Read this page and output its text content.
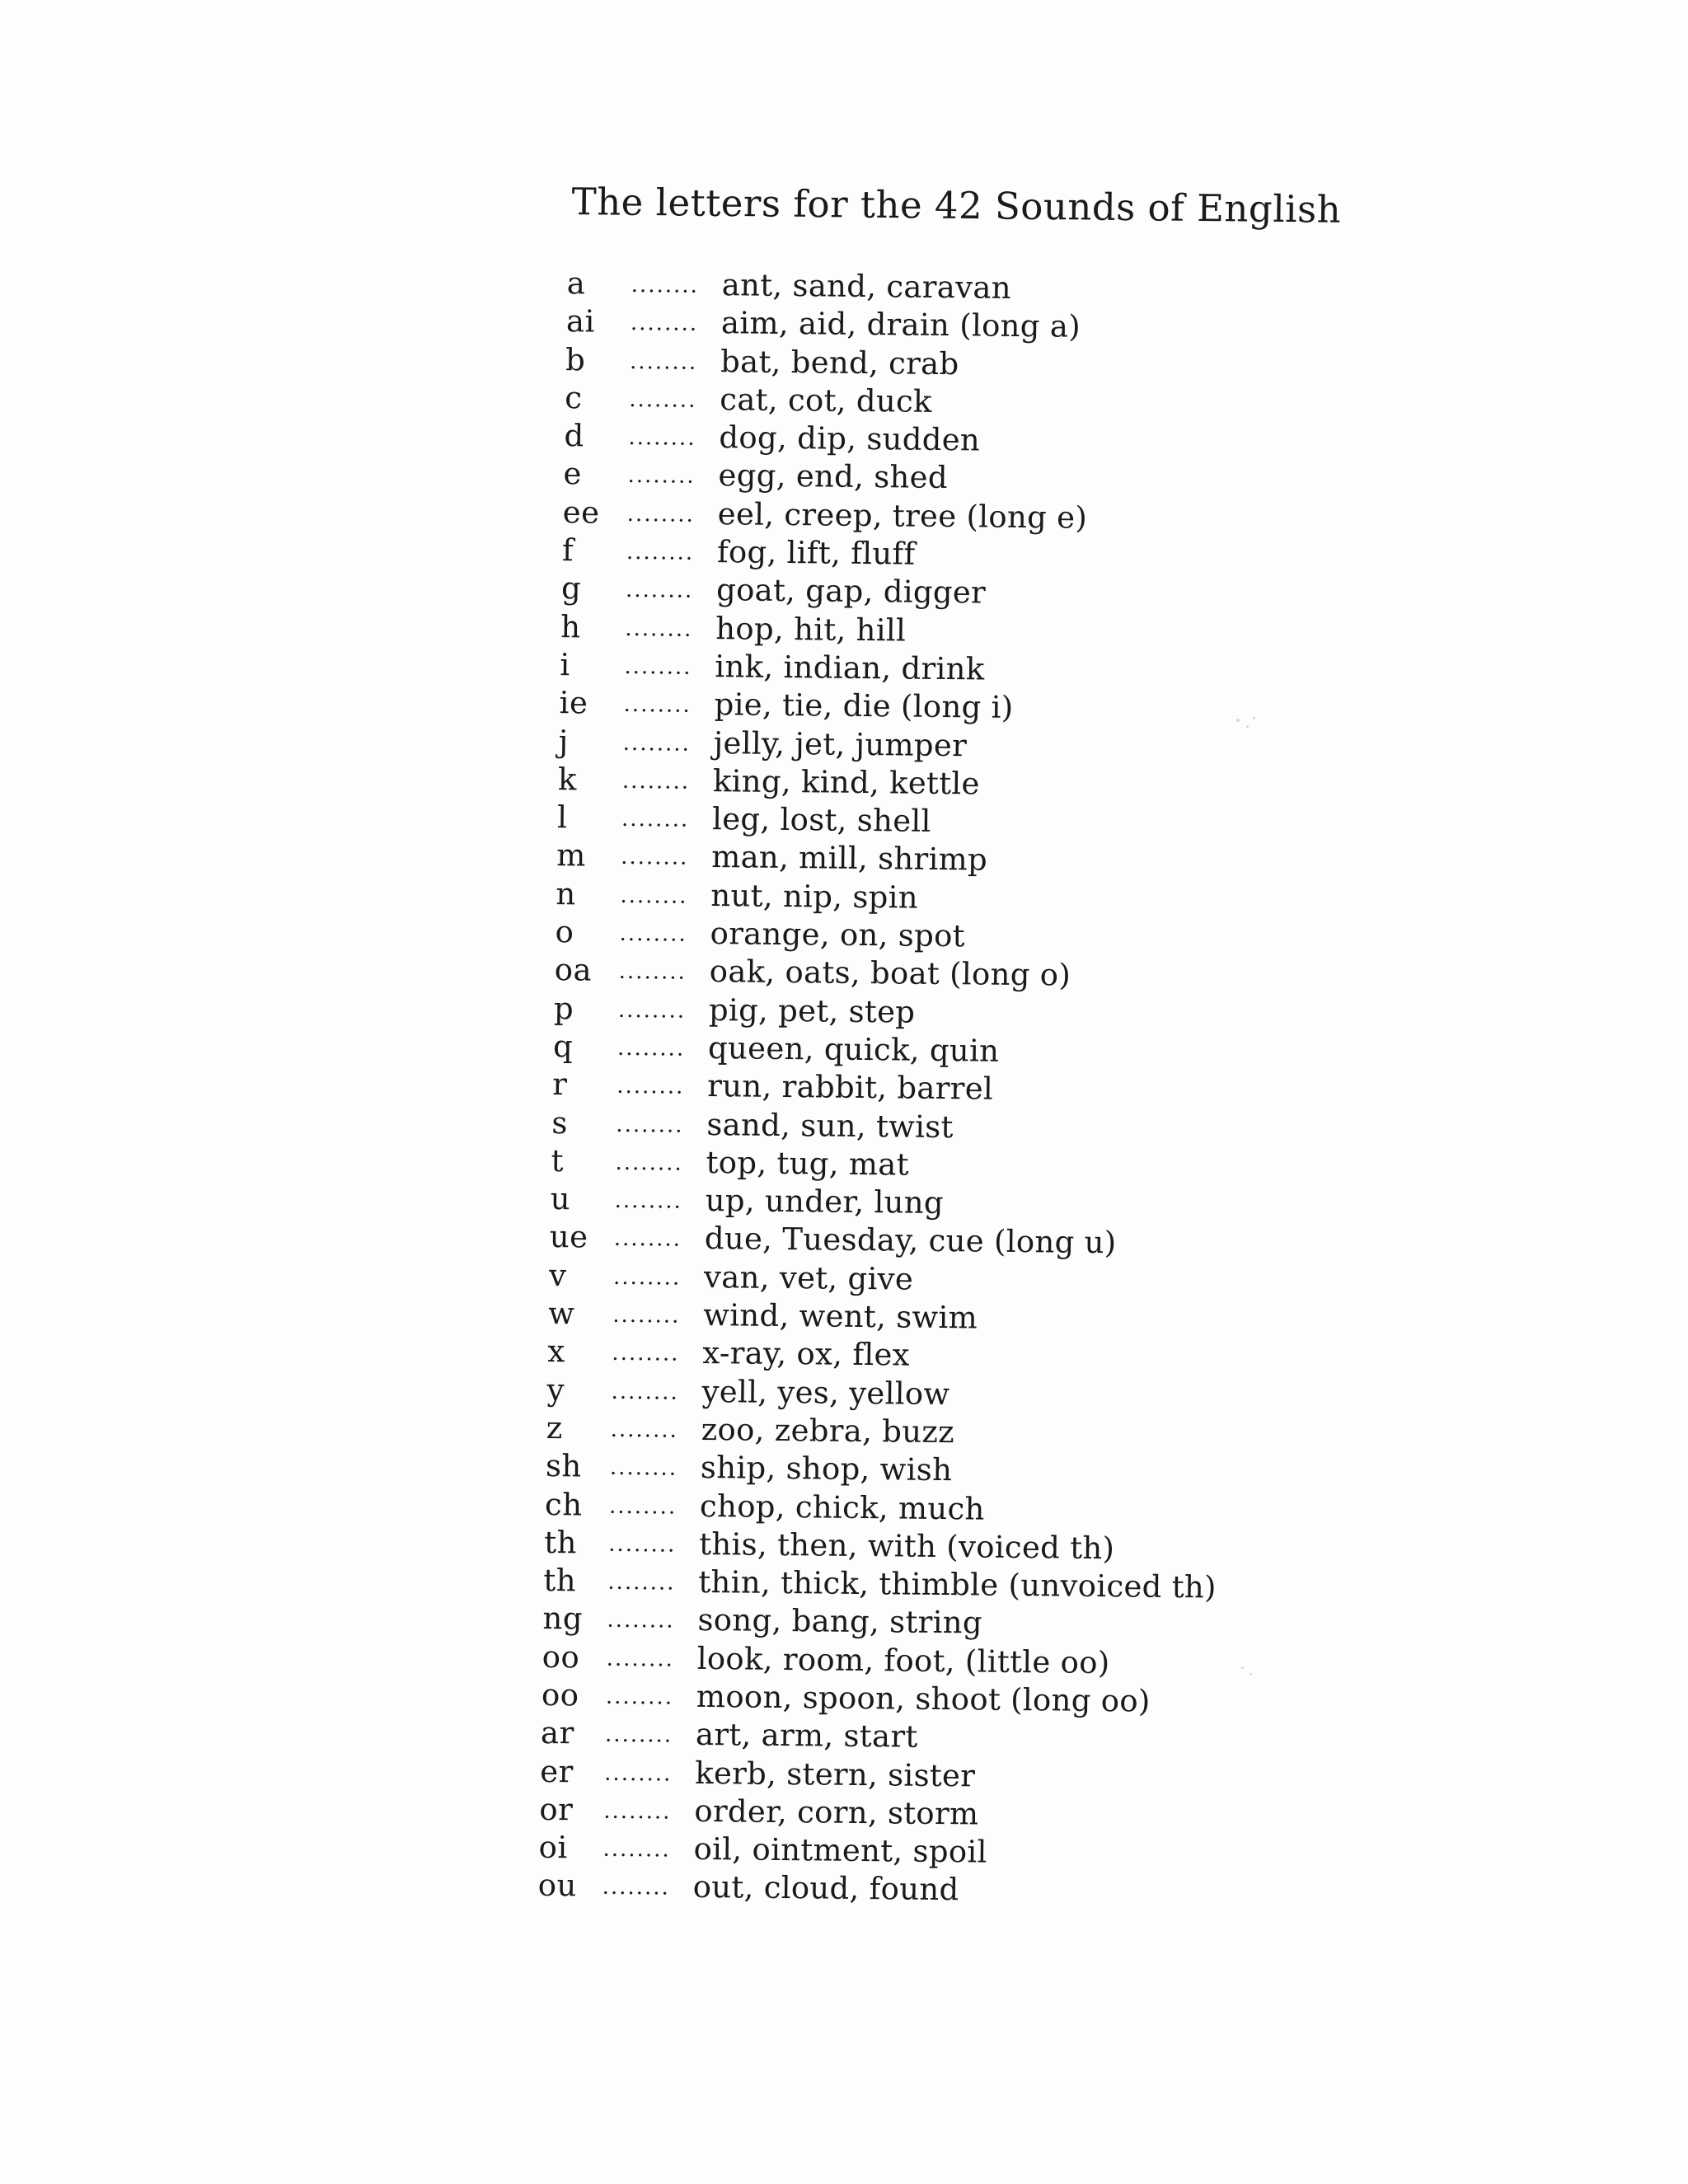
The letters for the 42 Sounds of English
a	........ ant, sand, caravan
ai	........ aim, aid, drain (long a)
b	........ bat, bend, crab
c	........ cat, cot, duck
d	........ dog, dip, sudden
e	........ egg, end, shed
ee	........ eel, creep, tree (long e)
f	........ fog, lift, fluff
g	........ goat, gap, digger
h	........ hop, hit, hill
i	........ ink, indian, drink
ie	........ pie, tie, die (long i)
j	........ jelly, jet, jumper
k	........ king, kind, kettle
l	........ leg, lost, shell
m	........ man, mill, shrimp
n	........ nut, nip, spin
o	........ orange, on, spot
oa	........ oak, oats, boat (long o)
p	........ pig, pet, step
q	........ queen, quick, quin
r	........ run, rabbit, barrel
s	........ sand, sun, twist
t	........ top, tug, mat
u	........ up, under, lung
ue	........ due, Tuesday, cue (long u)
v	........ van, vet, give
w	........ wind, went, swim
x	........ x-ray, ox, flex
y	........ yell, yes, yellow
z	........ zoo, zebra, buzz
sh	........ ship, shop, wish
ch	........ chop, chick, much
th	........ this, then, with (voiced th)
th	........ thin, thick, thimble (unvoiced th)
ng	........ song, bang, string
oo	........ look, room, foot, (little oo)
oo	........ moon, spoon, shoot (long oo)
ar	........ art, arm, start
er	........ kerb, stern, sister
or	........ order, corn, storm
oi	........ oil, ointment, spoil
ou	........ out, cloud, found
